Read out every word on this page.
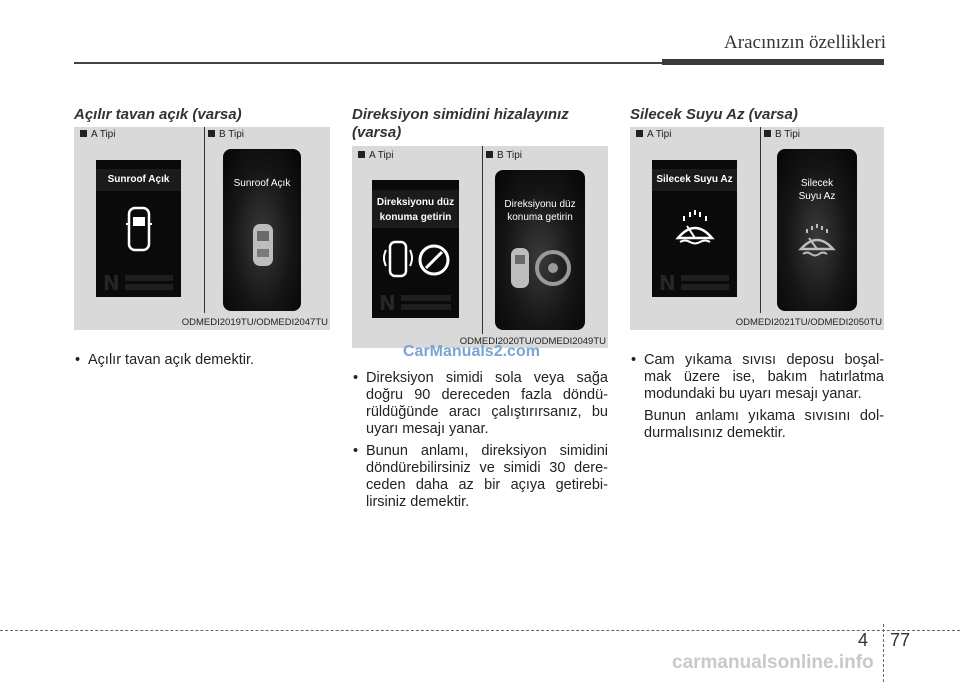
Aracınızın özellikleri
Açılır tavan açık (varsa)
A Tipi	B Tipi
Sunroof Açık
N
Sunroof Açık
ODMEDI2019TU/ODMEDI2047TU

• Açılır tavan açık demektir.

Direksiyon simidini hizalayınız
(varsa)
A Tipi	B Tipi
Direksiyonu düz
konuma getirin
N
Direksiyonu düz
konuma getirin
ODMEDI2020TU/ODMEDI2049TU

• Direksiyon simidi sola veya sağa doğru 90 dereceden fazla döndü-rüldüğünde aracı çalıştırırsanız, bu uyarı mesajı yanar.

• Bunun anlamı, direksiyon simidini döndürebilirsiniz ve simidi 30 dere-ceden daha az bir açıya getirebi-lirsiniz demektir.

Silecek Suyu Az (varsa)
A Tipi	B Tipi
Silecek Suyu Az
N
Silecek
Suyu Az
ODMEDI2021TU/ODMEDI2050TU

• Cam yıkama sıvısı deposu boşal-mak üzere ise, bakım hatırlatma modundaki bu uyarı mesajı yanar.

Bunun anlamı yıkama sıvısını dol-durmalısınız demektir.

CarManuals2.com
4 77
carmanualsonline.info
